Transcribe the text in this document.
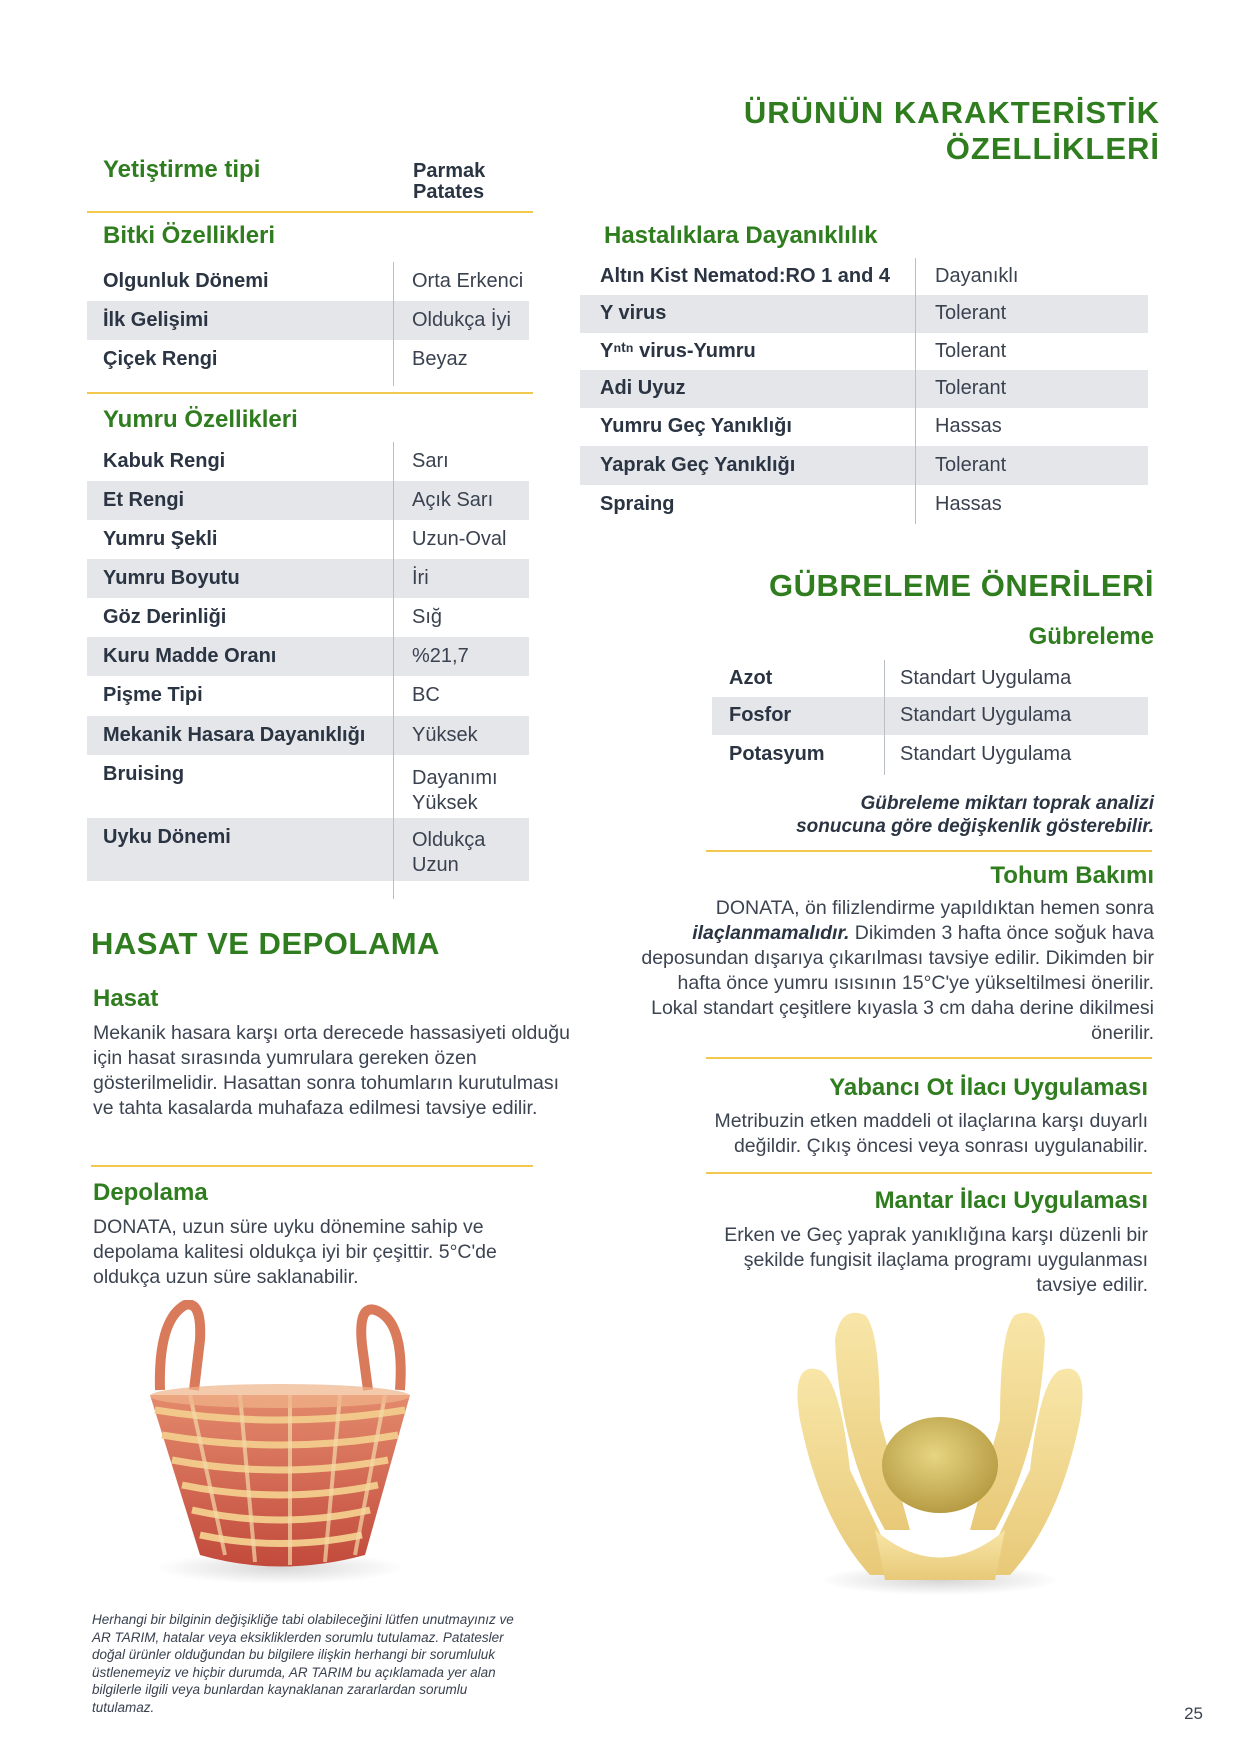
ÜRÜNÜN KARAKTERİSTİK ÖZELLİKLERİ
Yetiştirme tipi	Parmak Patates
Bitki Özellikleri
Olgunluk Dönemi	Orta Erkenci
İlk Gelişimi	Oldukça İyi
Çiçek Rengi	Beyaz
Yumru Özellikleri
Kabuk Rengi	Sarı
Et Rengi	Açık Sarı
Yumru Şekli	Uzun-Oval
Yumru Boyutu	İri
Göz Derinliği	Sığ
Kuru Madde Oranı	%21,7
Pişme Tipi	BC
Mekanik Hasara Dayanıklığı	Yüksek
Bruising	Dayanımı Yüksek
Uyku Dönemi	Oldukça Uzun
HASAT VE DEPOLAMA
Hasat
Mekanik hasara karşı orta derecede hassasiyeti olduğu için hasat sırasında yumrulara gereken özen gösterilmelidir. Hasattan sonra tohumların kurutulması ve tahta kasalarda muhafaza edilmesi tavsiye edilir.
Depolama
DONATA, uzun süre uyku dönemine sahip ve depolama kalitesi oldukça iyi bir çeşittir. 5°C'de oldukça uzun süre saklanabilir.
Herhangi bir bilginin değişikliğe tabi olabileceğini lütfen unutmayınız ve AR TARIM, hatalar veya eksikliklerden sorumlu tutulamaz. Patatesler doğal ürünler olduğundan bu bilgilere ilişkin herhangi bir sorumluluk üstlenemeyiz ve hiçbir durumda, AR TARIM bu açıklamada yer alan bilgilerle ilgili veya bunlardan kaynaklanan zararlardan sorumlu tutulamaz.
Hastalıklara Dayanıklılık
Altın Kist Nematod:RO 1 and 4	Dayanıklı
Y virus	Tolerant
Yⁿᵗⁿ virus-Yumru	Tolerant
Adi Uyuz	Tolerant
Yumru Geç Yanıklığı	Hassas
Yaprak Geç Yanıklığı	Tolerant
Spraing	Hassas
GÜBRELEME ÖNERİLERİ
Gübreleme
Azot	Standart Uygulama
Fosfor	Standart Uygulama
Potasyum	Standart Uygulama
Gübreleme miktarı toprak analizi
sonucuna göre değişkenlik gösterebilir.
Tohum Bakımı
DONATA, ön filizlendirme yapıldıktan hemen sonra ilaçlanmamalıdır. Dikimden 3 hafta önce soğuk hava deposundan dışarıya çıkarılması tavsiye edilir. Dikimden bir hafta önce yumru ısısının 15°C'ye yükseltilmesi önerilir. Lokal standart çeşitlere kıyasla 3 cm daha derine dikilmesi önerilir.
Yabancı Ot İlacı Uygulaması
Metribuzin etken maddeli ot ilaçlarına karşı duyarlı değildir. Çıkış öncesi veya sonrası uygulanabilir.
Mantar İlacı Uygulaması
Erken ve Geç yaprak yanıklığına karşı düzenli bir şekilde fungisit ilaçlama programı uygulanması tavsiye edilir.
25
